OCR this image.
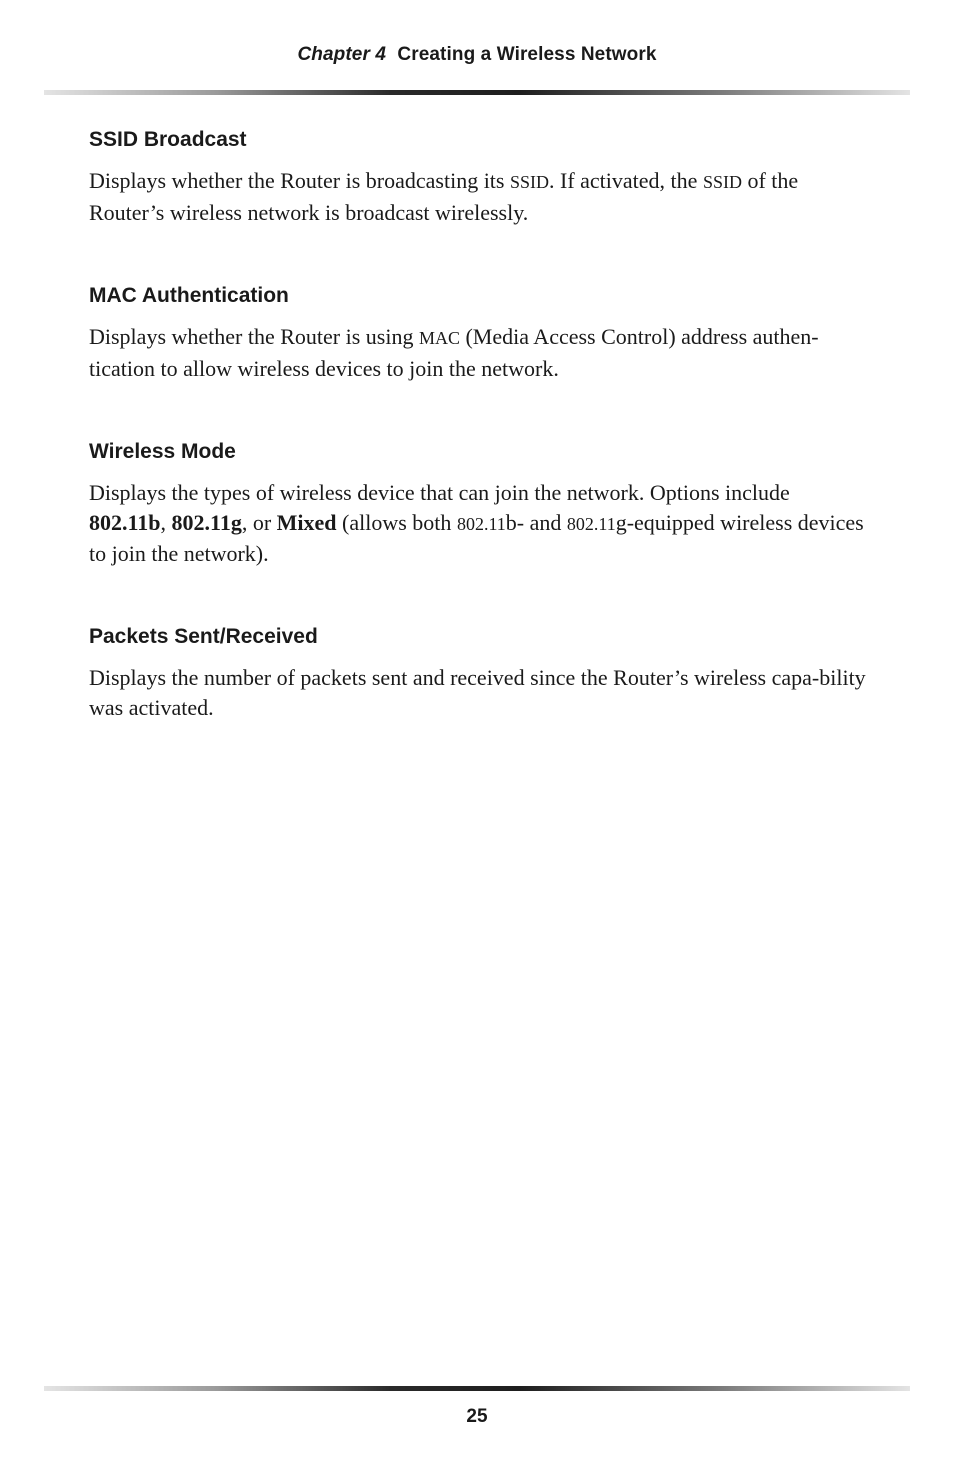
Chapter 4 Creating a Wireless Network
SSID Broadcast

Displays whether the Router is broadcasting its SSID. If activated, the SSID of the Router’s wireless network is broadcast wirelessly.

MAC Authentication

Displays whether the Router is using MAC (Media Access Control) address authen-tication to allow wireless devices to join the network.

Wireless Mode

Displays the types of wireless device that can join the network. Options include 802.11b, 802.11g, or Mixed (allows both 802.11b- and 802.11g-equipped wireless devices to join the network).

Packets Sent/Received

Displays the number of packets sent and received since the Router’s wireless capa-bility was activated.

25
